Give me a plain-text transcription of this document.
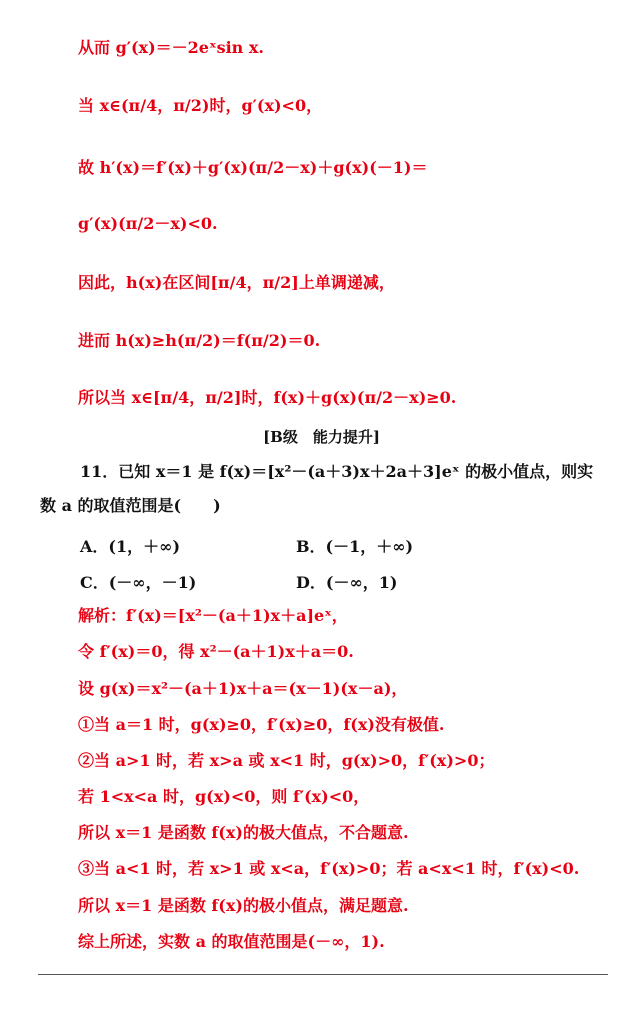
从而 g′(x)＝－2eˣsin x.
当 x∈(π/4，π/2)时，g′(x)<0，
故 h′(x)＝f′(x)＋g′(x)(π/2－x)＋g(x)(－1)＝
g′(x)(π/2－x)<0.
因此，h(x)在区间[π/4，π/2]上单调递减，
进而 h(x)≥h(π/2)＝f(π/2)＝0.
所以当 x∈[π/4，π/2]时，f(x)＋g(x)(π/2－x)≥0.
[B级　能力提升]
11．已知 x＝1 是 f(x)＝[x²－(a＋3)x＋2a＋3]eˣ 的极小值点，则实
数 a 的取值范围是(　　)
A．(1，＋∞)	B．(－1，＋∞)
C．(－∞，－1)	D．(－∞，1)
解析：f′(x)＝[x²－(a＋1)x＋a]eˣ，
令 f′(x)＝0，得 x²－(a＋1)x＋a＝0.
设 g(x)＝x²－(a＋1)x＋a＝(x－1)(x－a)，
①当 a＝1 时，g(x)≥0，f′(x)≥0，f(x)没有极值.
②当 a>1 时，若 x>a 或 x<1 时，g(x)>0，f′(x)>0；
若 1<x<a 时，g(x)<0，则 f′(x)<0，
所以 x＝1 是函数 f(x)的极大值点，不合题意.
③当 a<1 时，若 x>1 或 x<a，f′(x)>0；若 a<x<1 时，f′(x)<0.
所以 x＝1 是函数 f(x)的极小值点，满足题意.
综上所述，实数 a 的取值范围是(－∞，1).
